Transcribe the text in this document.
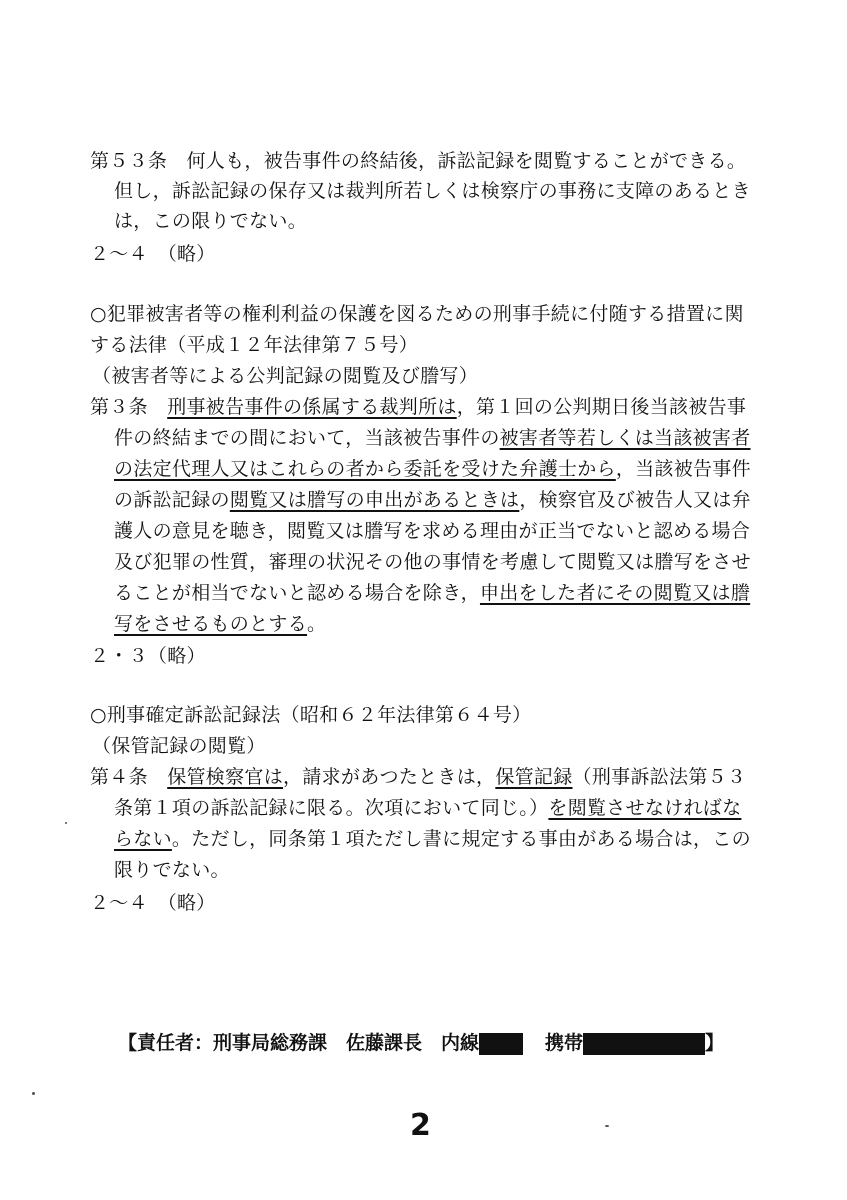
第５３条　何人も，被告事件の終結後，訴訟記録を閲覧することができる。
但し，訴訟記録の保存又は裁判所若しくは検察庁の事務に支障のあるとき
は，この限りでない。
２～４　（略）
○犯罪被害者等の権利利益の保護を図るための刑事手続に付随する措置に関
する法律（平成１２年法律第７５号）
（被害者等による公判記録の閲覧及び謄写）
第３条　刑事被告事件の係属する裁判所は，第１回の公判期日後当該被告事
件の終結までの間において，当該被告事件の被害者等若しくは当該被害者
の法定代理人又はこれらの者から委託を受けた弁護士から，当該被告事件
の訴訟記録の閲覧又は謄写の申出があるときは，検察官及び被告人又は弁
護人の意見を聴き，閲覧又は謄写を求める理由が正当でないと認める場合
及び犯罪の性質，審理の状況その他の事情を考慮して閲覧又は謄写をさせ
ることが相当でないと認める場合を除き，申出をした者にその閲覧又は謄
写をさせるものとする。
２・３（略）
○刑事確定訴訟記録法（昭和６２年法律第６４号）
（保管記録の閲覧）
第４条　保管検察官は，請求があつたときは，保管記録（刑事訴訟法第５３
条第１項の訴訟記録に限る。次項において同じ。）を閲覧させなければな
らない。ただし，同条第１項ただし書に規定する事由がある場合は，この
限りでない。
２～４　（略）
【責任者：刑事局総務課　佐藤課長　内線	携帯	】
2
